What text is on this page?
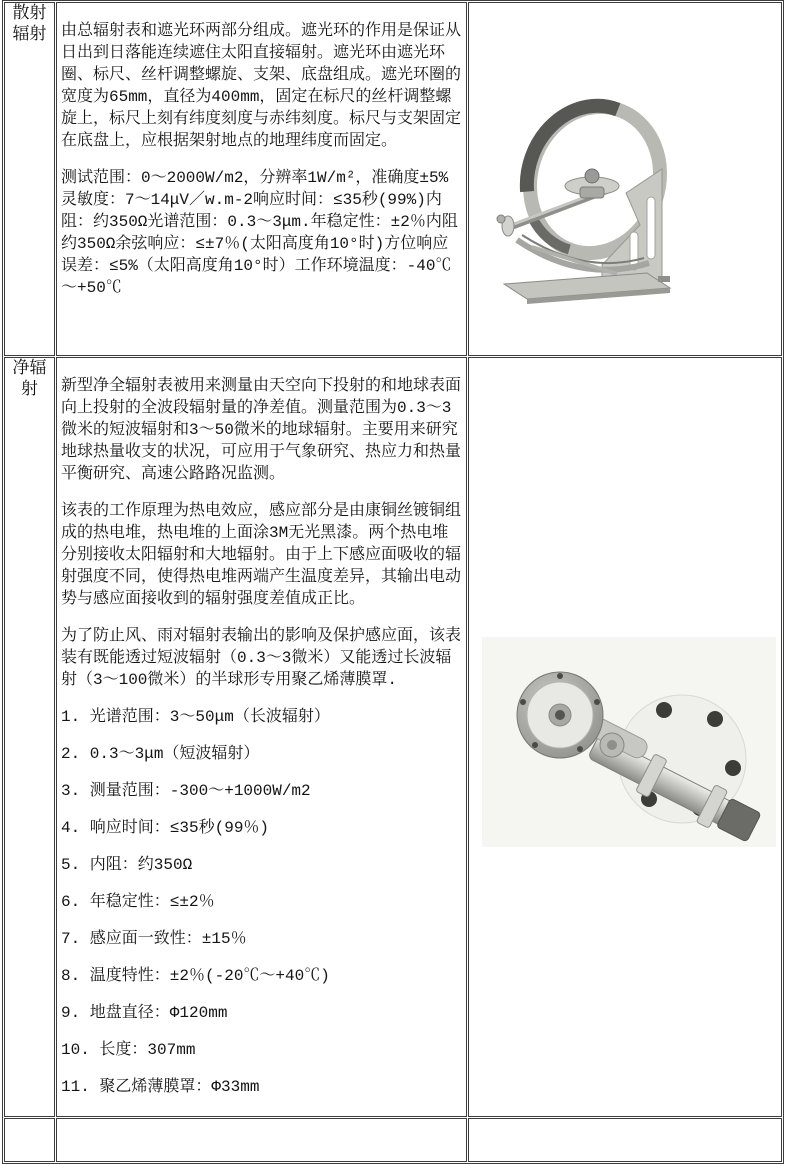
散射辐射	由总辐射表和遮光环两部分组成。遮光环的作用是保证从日出到日落能连续遮住太阳直接辐射。遮光环由遮光环圈、标尺、丝杆调整螺旋、支架、底盘组成。遮光环圈的宽度为65mm，直径为400mm，固定在标尺的丝杆调整螺旋上，标尺上刻有纬度刻度与赤纬刻度。标尺与支架固定在底盘上，应根据架射地点的地理纬度而固定。

测试范围：0～2000W/m2，分辨率1W/m²，准确度±5%灵敏度：7～14μV／w.m-2响应时间：≤35秒(99%)内阻：约350Ω光谱范围：0.3～3μm.年稳定性：±2％内阻约350Ω余弦响应：≤±7％(太阳高度角10°时)方位响应误差：≤5%（太阳高度角10°时）工作环境温度：-40℃～+50℃

净辐射	新型净全辐射表被用来测量由天空向下投射的和地球表面向上投射的全波段辐射量的净差值。测量范围为0.3～3微米的短波辐射和3～50微米的地球辐射。主要用来研究地球热量收支的状况，可应用于气象研究、热应力和热量平衡研究、高速公路路况监测。

该表的工作原理为热电效应，感应部分是由康铜丝镀铜组成的热电堆，热电堆的上面涂3M无光黑漆。两个热电堆分别接收太阳辐射和大地辐射。由于上下感应面吸收的辐射强度不同，使得热电堆两端产生温度差异，其输出电动势与感应面接收到的辐射强度差值成正比。

为了防止风、雨对辐射表输出的影响及保护感应面，该表装有既能透过短波辐射（0.3～3微米）又能透过长波辐射（3～100微米）的半球形专用聚乙烯薄膜罩.

1. 光谱范围：3～50μm（长波辐射）

2. 0.3～3μm（短波辐射）

3. 测量范围：-300～+1000W/m2

4. 响应时间：≤35秒(99％)

5. 内阻：约350Ω

6. 年稳定性：≤±2％

7. 感应面一致性：±15％

8. 温度特性：±2％(-20℃～+40℃)

9. 地盘直径：Φ120mm

10. 长度：307mm

11. 聚乙烯薄膜罩：Φ33mm
